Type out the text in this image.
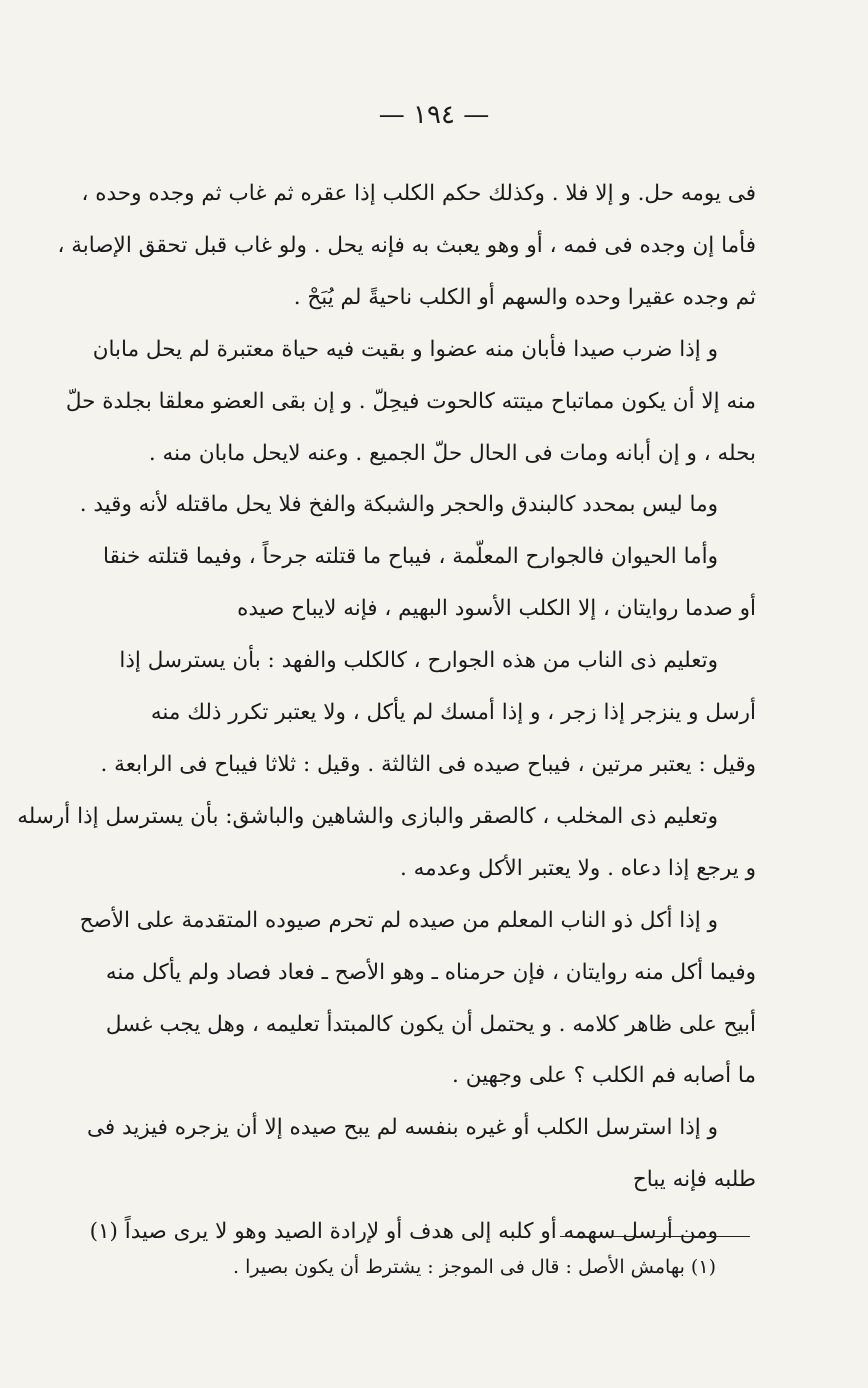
— ١٩٤ —
فى يومه حل. و إلا فلا . وكذلك حكم الكلب إذا عقره ثم غاب ثم وجده وحده ،
فأما إن وجده فى فمه ، أو وهو يعبث به فإنه يحل . ولو غاب قبل تحقق الإصابة ،
ثم وجده عقيرا وحده والسهم أو الكلب ناحيةً لم يُبَحْ .
و إذا ضرب صيدا فأبان منه عضوا و بقيت فيه حياة معتبرة لم يحل مابان
منه إلا أن يكون مماتباح ميتته كالحوت فيحِلّ . و إن بقى العضو معلقا بجلدة حلّ
بحله ، و إن أبانه ومات فى الحال حلّ الجميع . وعنه لايحل مابان منه .
وما ليس بمحدد كالبندق والحجر والشبكة والفخ فلا يحل ماقتله لأنه وقيد .
وأما الحيوان فالجوارح المعلّمة ، فيباح ما قتلته جرحاً ، وفيما قتلته خنقا
أو صدما روايتان ، إلا الكلب الأسود البهيم ، فإنه لايباح صيده
وتعليم ذى الناب من هذه الجوارح ، كالكلب والفهد : بأن يسترسل إذا
أرسل و ينزجر إذا زجر ، و إذا أمسك لم يأكل ، ولا يعتبر تكرر ذلك منه
وقيل : يعتبر مرتين ، فيباح صيده فى الثالثة . وقيل : ثلاثا فيباح فى الرابعة .
وتعليم ذى المخلب ، كالصقر والبازى والشاهين والباشق: بأن يسترسل إذا أرسله
و يرجع إذا دعاه . ولا يعتبر الأكل وعدمه .
و إذا أكل ذو الناب المعلم من صيده لم تحرم صيوده المتقدمة على الأصح
وفيما أكل منه روايتان ، فإن حرمناه ـ وهو الأصح ـ فعاد فصاد ولم يأكل منه
أبيح على ظاهر كلامه . و يحتمل أن يكون كالمبتدأ تعليمه ، وهل يجب غسل
ما أصابه فم الكلب ؟ على وجهين .
و إذا استرسل الكلب أو غيره بنفسه لم يبح صيده إلا أن يزجره فيزيد فى
طلبه فإنه يباح
ومن أرسل سهمه أو كلبه إلى هدف أو لإرادة الصيد وهو لا يرى صيداً (١)
(١) بهامش الأصل : قال فى الموجز : يشترط أن يكون بصيرا .
